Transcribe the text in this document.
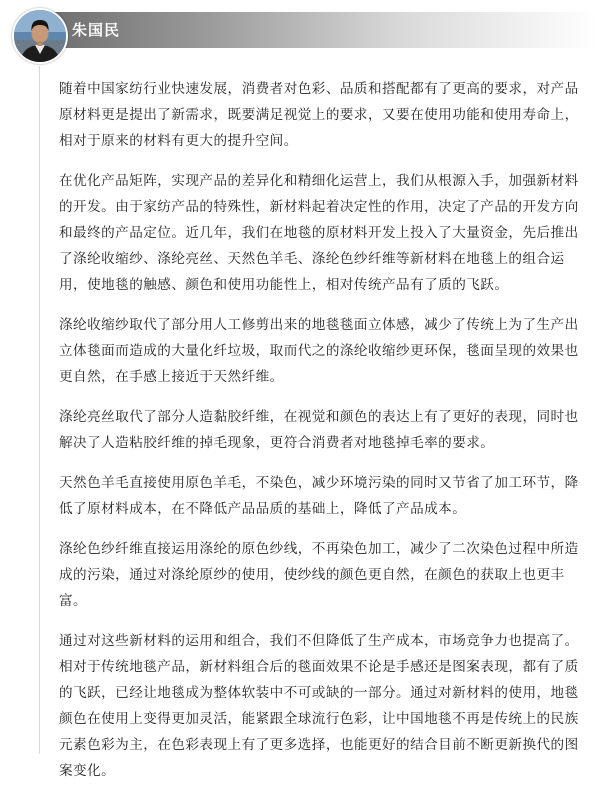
朱国民

随着中国家纺行业快速发展，消费者对色彩、品质和搭配都有了更高的要求，对产品原材料更是提出了新需求，既要满足视觉上的要求，又要在使用功能和使用寿命上，相对于原来的材料有更大的提升空间。

在优化产品矩阵，实现产品的差异化和精细化运营上，我们从根源入手，加强新材料的开发。由于家纺产品的特殊性，新材料起着决定性的作用，决定了产品的开发方向和最终的产品定位。近几年，我们在地毯的原材料开发上投入了大量资金，先后推出了涤纶收缩纱、涤纶亮丝、天然色羊毛、涤纶色纱纤维等新材料在地毯上的组合运用，使地毯的触感、颜色和使用功能性上，相对传统产品有了质的飞跃。

涤纶收缩纱取代了部分用人工修剪出来的地毯毯面立体感，减少了传统上为了生产出立体毯面而造成的大量化纤垃圾，取而代之的涤纶收缩纱更环保，毯面呈现的效果也更自然，在手感上接近于天然纤维。

涤纶亮丝取代了部分人造黏胶纤维，在视觉和颜色的表达上有了更好的表现，同时也解决了人造粘胶纤维的掉毛现象，更符合消费者对地毯掉毛率的要求。

天然色羊毛直接使用原色羊毛，不染色，减少环境污染的同时又节省了加工环节，降低了原材料成本，在不降低产品品质的基础上，降低了产品成本。

涤纶色纱纤维直接运用涤纶的原色纱线，不再染色加工，减少了二次染色过程中所造成的污染，通过对涤纶原纱的使用，使纱线的颜色更自然，在颜色的获取上也更丰富。

通过对这些新材料的运用和组合，我们不但降低了生产成本，市场竞争力也提高了。相对于传统地毯产品，新材料组合后的毯面效果不论是手感还是图案表现，都有了质的飞跃，已经让地毯成为整体软装中不可或缺的一部分。通过对新材料的使用，地毯颜色在使用上变得更加灵活，能紧跟全球流行色彩，让中国地毯不再是传统上的民族元素色彩为主，在色彩表现上有了更多选择，也能更好的结合目前不断更新换代的图案变化。
